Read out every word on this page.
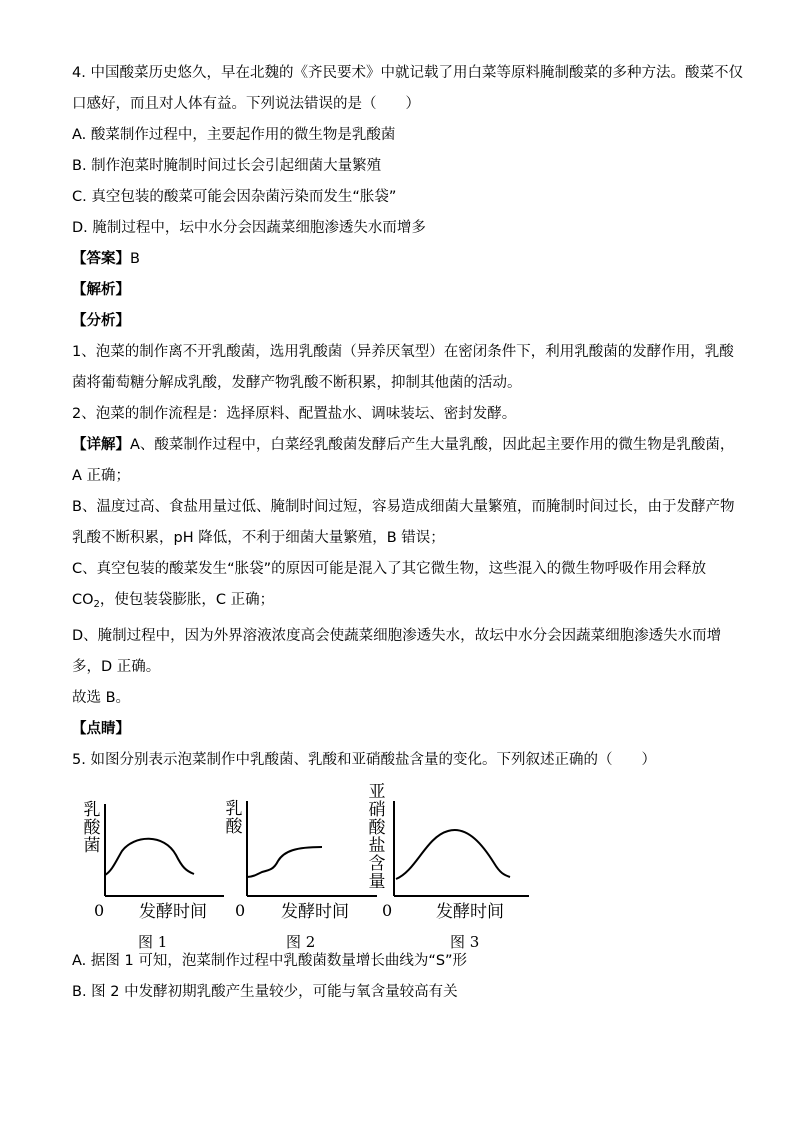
4. 中国酸菜历史悠久，早在北魏的《齐民要术》中就记载了用白菜等原料腌制酸菜的多种方法。酸菜不仅
口感好，而且对人体有益。下列说法错误的是（　　）
A. 酸菜制作过程中，主要起作用的微生物是乳酸菌
B. 制作泡菜时腌制时间过长会引起细菌大量繁殖
C. 真空包装的酸菜可能会因杂菌污染而发生“胀袋”
D. 腌制过程中，坛中水分会因蔬菜细胞渗透失水而增多
【答案】B
【解析】
【分析】
1、泡菜的制作离不开乳酸菌，选用乳酸菌（异养厌氧型）在密闭条件下，利用乳酸菌的发酵作用，乳酸
菌将葡萄糖分解成乳酸，发酵产物乳酸不断积累，抑制其他菌的活动。
2、泡菜的制作流程是：选择原料、配置盐水、调味装坛、密封发酵。
【详解】A、酸菜制作过程中，白菜经乳酸菌发酵后产生大量乳酸，因此起主要作用的微生物是乳酸菌，
A 正确；
B、温度过高、食盐用量过低、腌制时间过短，容易造成细菌大量繁殖，而腌制时间过长，由于发酵产物
乳酸不断积累，pH 降低，不利于细菌大量繁殖，B 错误；
C、真空包装的酸菜发生“胀袋”的原因可能是混入了其它微生物，这些混入的微生物呼吸作用会释放
$CO_2$，使包装袋膨胀，C 正确；
D、腌制过程中，因为外界溶液浓度高会使蔬菜细胞渗透失水，故坛中水分会因蔬菜细胞渗透失水而增
多，D 正确。
故选 B。
【点睛】
5. 如图分别表示泡菜制作中乳酸菌、乳酸和亚硝酸盐含量的变化。下列叙述正确的（　　）
乳
酸
菌
0 发酵时间
乳
酸
0 发酵时间
亚
硝
酸
盐
含
量
0	发酵时间
图 1	图 2	图 3
A. 据图 1 可知，泡菜制作过程中乳酸菌数量增长曲线为“S”形
B. 图 2 中发酵初期乳酸产生量较少，可能与氧含量较高有关
